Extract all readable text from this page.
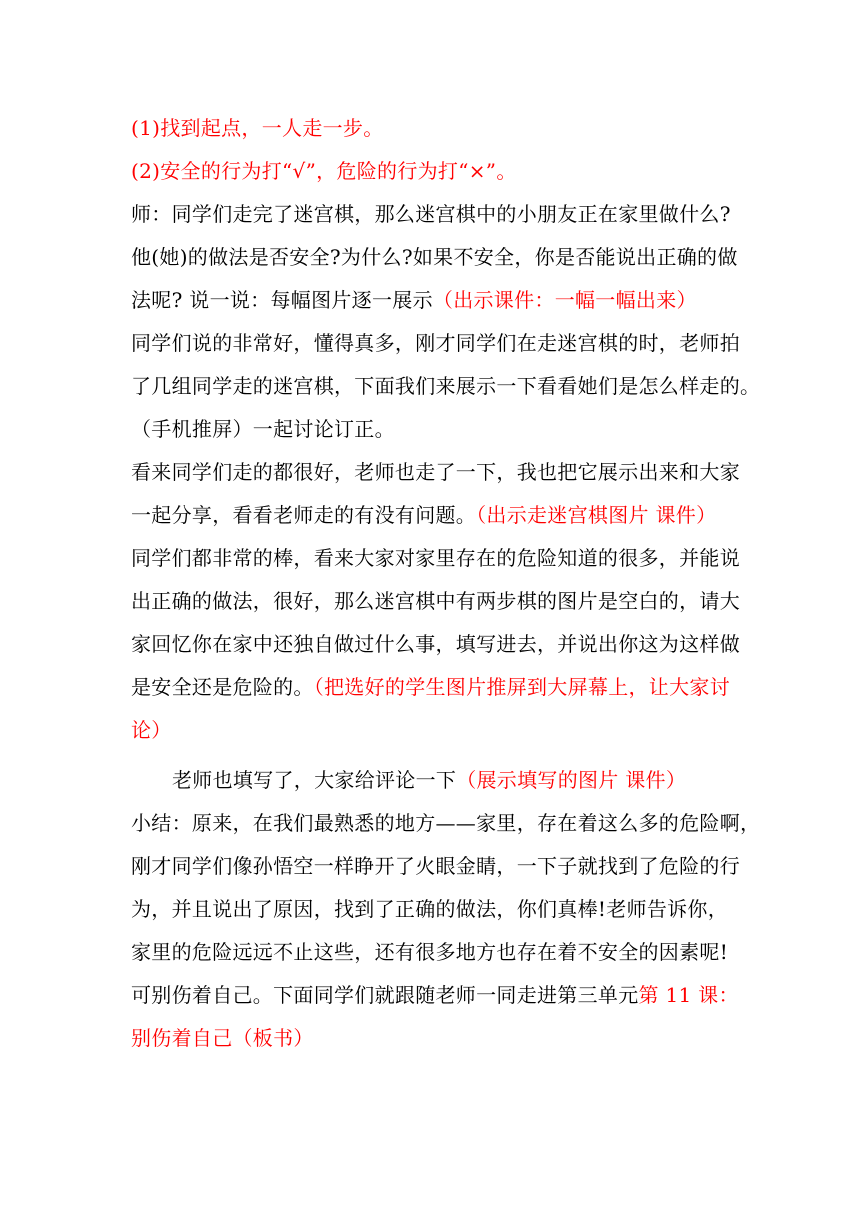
(1)找到起点，一人走一步。
(2)安全的行为打“√”，危险的行为打“×”。
师：同学们走完了迷宫棋，那么迷宫棋中的小朋友正在家里做什么?
他(她)的做法是否安全?为什么?如果不安全，你是否能说出正确的做
法呢? 说一说：每幅图片逐一展示（出示课件：一幅一幅出来）
同学们说的非常好，懂得真多，刚才同学们在走迷宫棋的时，老师拍
了几组同学走的迷宫棋，下面我们来展示一下看看她们是怎么样走的。
（手机推屏）一起讨论订正。
看来同学们走的都很好，老师也走了一下，我也把它展示出来和大家
一起分享，看看老师走的有没有问题。（出示走迷宫棋图片 课件）
同学们都非常的棒，看来大家对家里存在的危险知道的很多，并能说
出正确的做法，很好，那么迷宫棋中有两步棋的图片是空白的，请大
家回忆你在家中还独自做过什么事，填写进去，并说出你这为这样做
是安全还是危险的。（把选好的学生图片推屏到大屏幕上，让大家讨
论）
老师也填写了，大家给评论一下（展示填写的图片 课件）
小结：原来，在我们最熟悉的地方——家里，存在着这么多的危险啊，
刚才同学们像孙悟空一样睁开了火眼金睛，一下子就找到了危险的行
为，并且说出了原因，找到了正确的做法，你们真棒!老师告诉你，
家里的危险远远不止这些，还有很多地方也存在着不安全的因素呢!
可别伤着自己。下面同学们就跟随老师一同走进第三单元第 11 课：
别伤着自己（板书）
